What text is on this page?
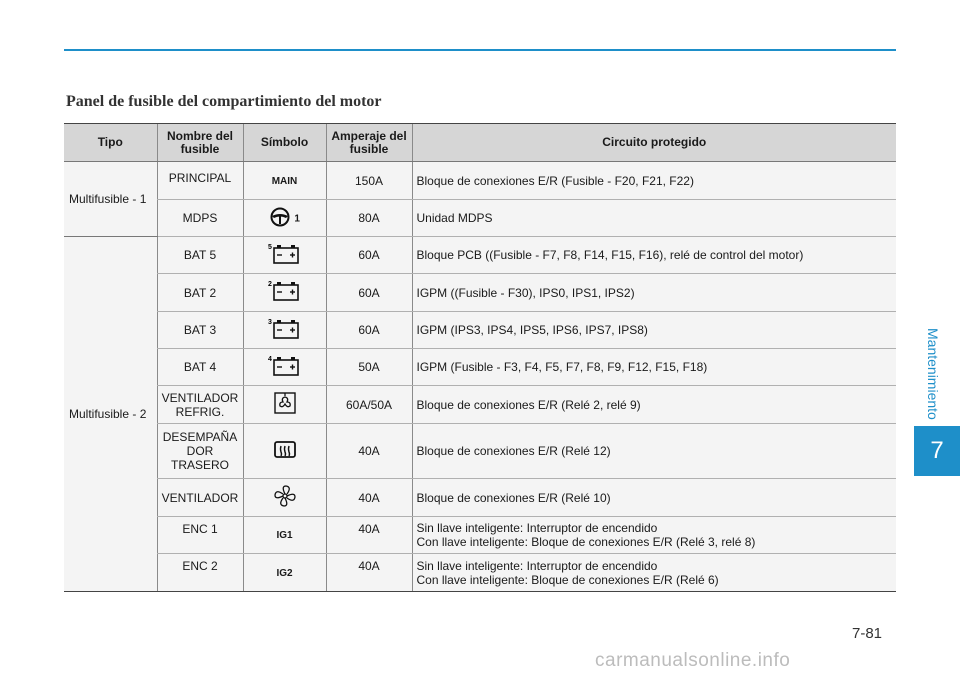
Mantenimiento
7
Panel de fusible del compartimiento del motor
Tipo	Nombre del fusible	Símbolo	Amperaje del fusible	Circuito protegido
Multifusible - 1	PRINCIPAL	MAIN	150A	Bloque de conexiones E/R (Fusible - F20, F21, F22)
	MDPS	1	80A	Unidad MDPS
Multifusible - 2	BAT 5	5	60A	Bloque PCB ((Fusible - F7, F8, F14, F15, F16), relé de control del motor)
	BAT 2	2	60A	IGPM ((Fusible - F30), IPS0, IPS1, IPS2)
	BAT 3	3	60A	IGPM (IPS3, IPS4, IPS5, IPS6, IPS7, IPS8)
	BAT 4	4	50A	IGPM (Fusible - F3, F4, F5, F7, F8, F9, F12, F15, F18)
	VENTILADOR REFRIG.		60A/50A	Bloque de conexiones E/R (Relé 2, relé 9)
	DESEMPAÑA DOR TRASERO		40A	Bloque de conexiones E/R (Relé 12)
	VENTILADOR		40A	Bloque de conexiones E/R (Relé 10)
	ENC 1	IG1	40A	Sin llave inteligente: Interruptor de encendido
Con llave inteligente: Bloque de conexiones E/R (Relé 3, relé 8)

	ENC 2	IG2	40A	Sin llave inteligente: Interruptor de encendido
Con llave inteligente: Bloque de conexiones E/R (Relé 6)
7-81
carmanualsonline.info
